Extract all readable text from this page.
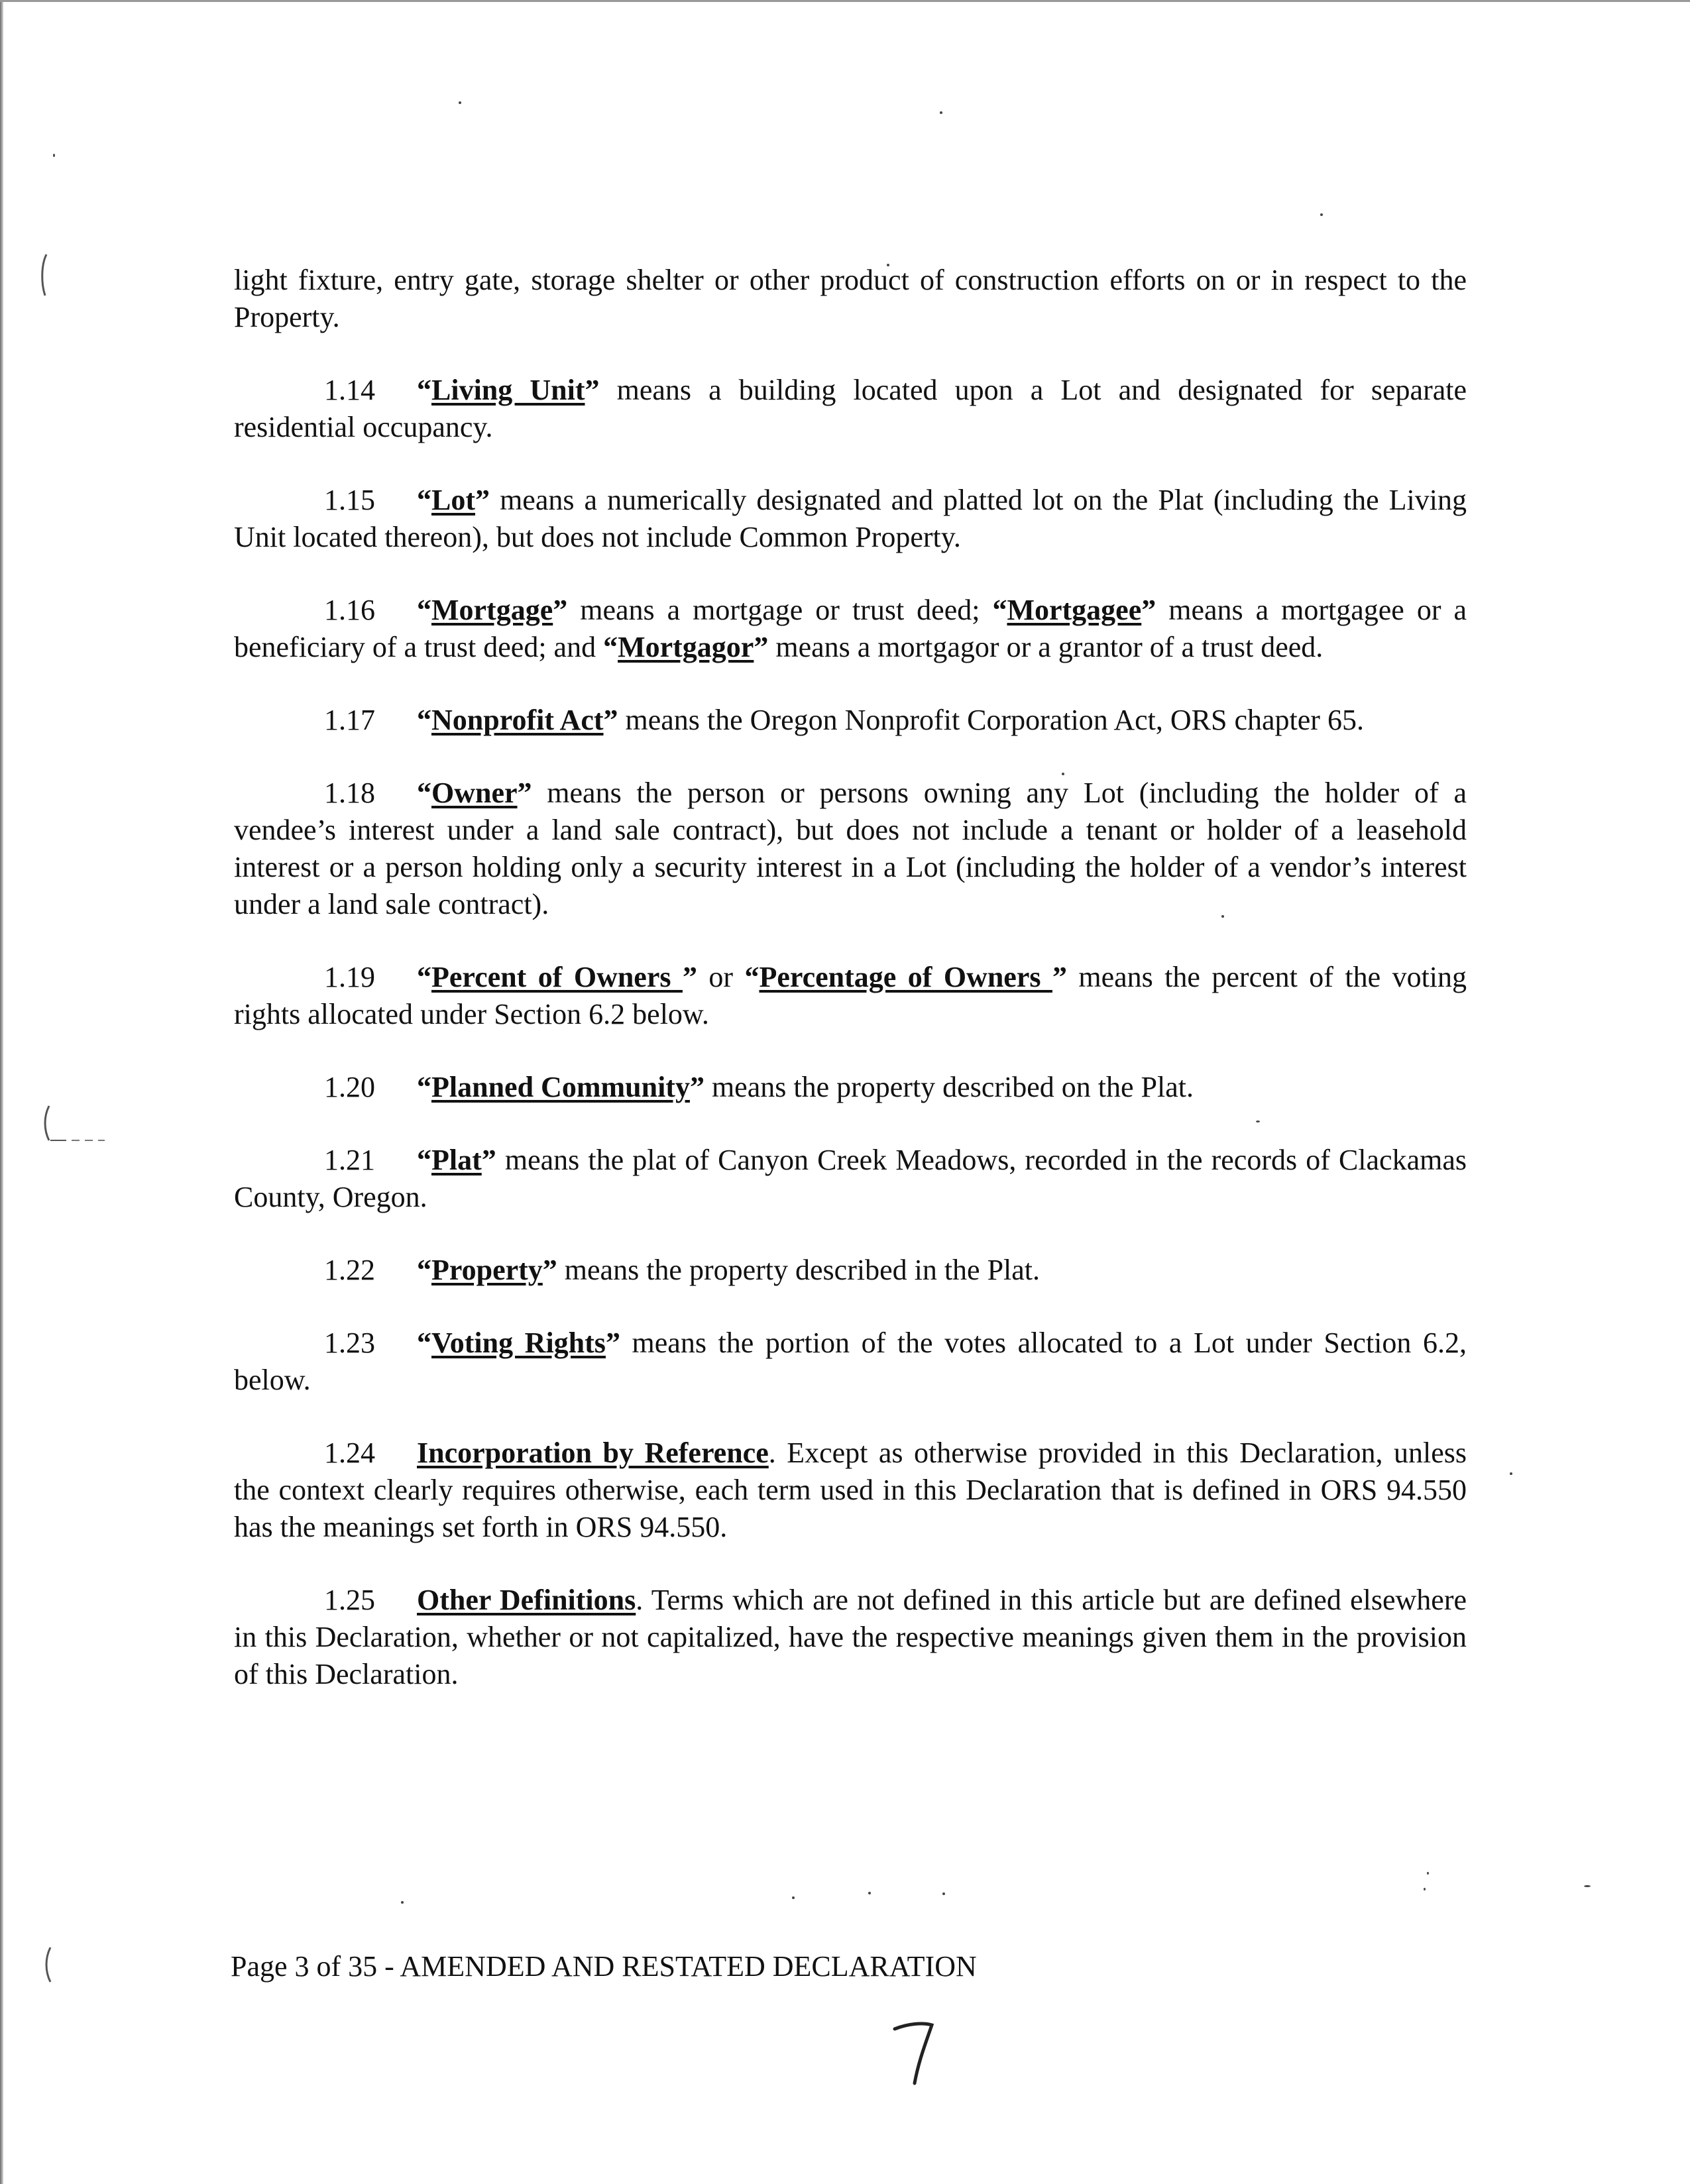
light fixture, entry gate, storage shelter or other product of construction efforts on or in respect to the Property.

1.14 “Living Unit” means a building located upon a Lot and designated for separate residential occupancy.

1.15 “Lot” means a numerically designated and platted lot on the Plat (including the Living Unit located thereon), but does not include Common Property.

1.16 “Mortgage” means a mortgage or trust deed; “Mortgagee” means a mortgagee or a beneficiary of a trust deed; and “Mortgagor” means a mortgagor or a grantor of a trust deed.

1.17 “Nonprofit Act” means the Oregon Nonprofit Corporation Act, ORS chapter 65.

1.18 “Owner” means the person or persons owning any Lot (including the holder of a vendee’s interest under a land sale contract), but does not include a tenant or holder of a leasehold interest or a person holding only a security interest in a Lot (including the holder of a vendor’s interest under a land sale contract).

1.19 “Percent of Owners ” or “Percentage of Owners ” means the percent of the voting rights allocated under Section 6.2 below.

1.20 “Planned Community” means the property described on the Plat.

1.21 “Plat” means the plat of Canyon Creek Meadows, recorded in the records of Clackamas County, Oregon.

1.22 “Property” means the property described in the Plat.

1.23 “Voting Rights” means the portion of the votes allocated to a Lot under Section 6.2, below.

1.24 Incorporation by Reference. Except as otherwise provided in this Declaration, unless the context clearly requires otherwise, each term used in this Declaration that is defined in ORS 94.550 has the meanings set forth in ORS 94.550.

1.25 Other Definitions. Terms which are not defined in this article but are defined elsewhere in this Declaration, whether or not capitalized, have the respective meanings given them in the provision of this Declaration.

Page 3 of 35 - AMENDED AND RESTATED DECLARATION
